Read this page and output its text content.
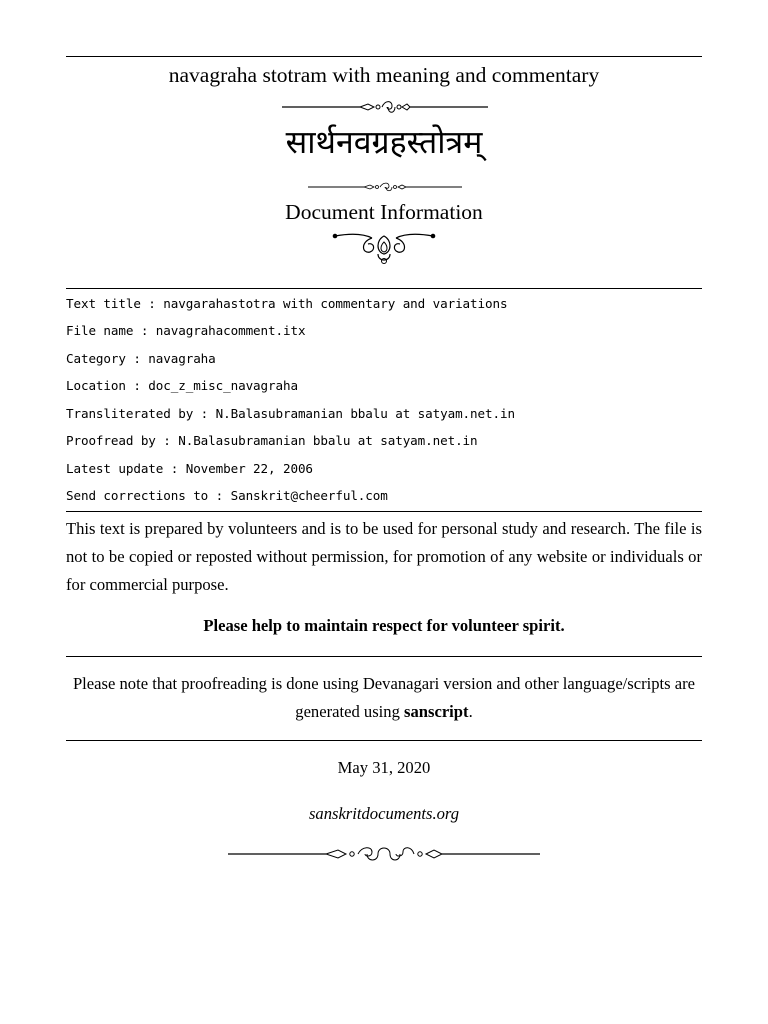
navagraha stotram with meaning and commentary
सार्थनवग्रहस्तोत्रम्
Document Information
Text title : navgarahastotra with commentary and variations
File name : navagrahacomment.itx
Category : navagraha
Location : doc_z_misc_navagraha
Transliterated by : N.Balasubramanian bbalu at satyam.net.in
Proofread by : N.Balasubramanian bbalu at satyam.net.in
Latest update : November 22, 2006
Send corrections to : Sanskrit@cheerful.com
This text is prepared by volunteers and is to be used for personal study and research. The file is not to be copied or reposted without permission, for promotion of any website or individuals or for commercial purpose.
Please help to maintain respect for volunteer spirit.
Please note that proofreading is done using Devanagari version and other language/scripts are generated using sanscript.
May 31, 2020
sanskritdocuments.org
